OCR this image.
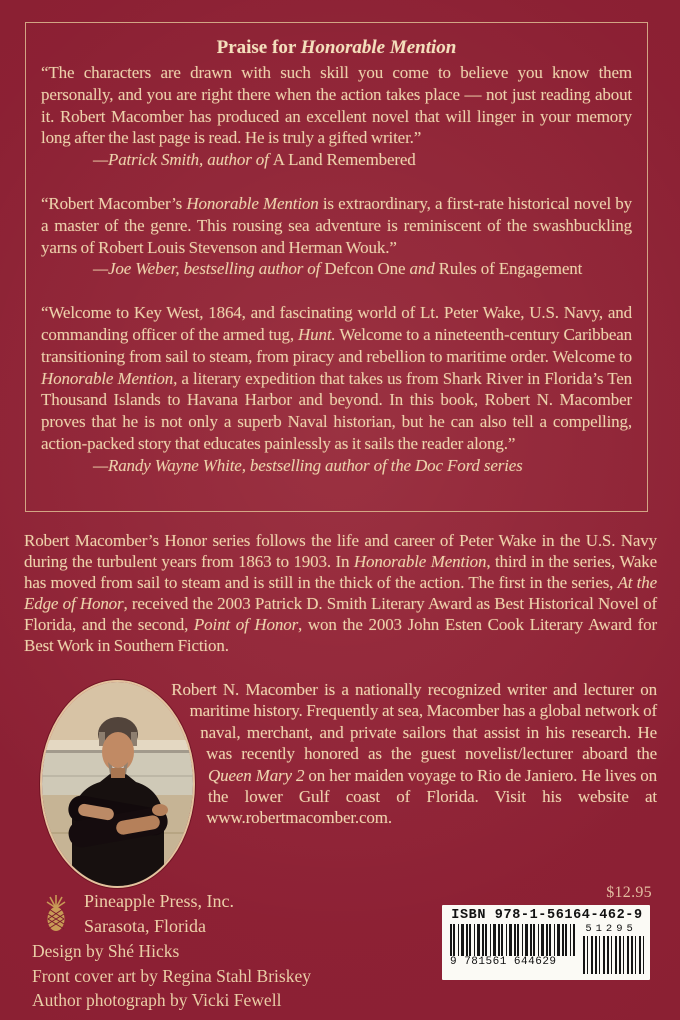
Praise for Honorable Mention

“The characters are drawn with such skill you come to believe you know them personally, and you are right there when the action takes place — not just reading about it. Robert Macomber has produced an excellent novel that will linger in your memory long after the last page is read. He is truly a gifted writer.”

—Patrick Smith, author of A Land Remembered

“Robert Macomber’s Honorable Mention is extraordinary, a first-rate historical novel by a master of the genre. This rousing sea adventure is reminiscent of the swashbuckling yarns of Robert Louis Stevenson and Herman Wouk.”

—Joe Weber, bestselling author of Defcon One and Rules of Engagement

“Welcome to Key West, 1864, and fascinating world of Lt. Peter Wake, U.S. Navy, and commanding officer of the armed tug, Hunt. Welcome to a nineteenth-century Caribbean transitioning from sail to steam, from piracy and rebellion to maritime order. Welcome to Honorable Mention, a literary expedition that takes us from Shark River in Florida’s Ten Thousand Islands to Havana Harbor and beyond. In this book, Robert N. Macomber proves that he is not only a superb Naval historian, but he can also tell a compelling, action-packed story that educates painlessly as it sails the reader along.”

—Randy Wayne White, bestselling author of the Doc Ford series

Robert Macomber’s Honor series follows the life and career of Peter Wake in the U.S. Navy during the turbulent years from 1863 to 1903. In Honorable Mention, third in the series, Wake has moved from sail to steam and is still in the thick of the action. The first in the series, At the Edge of Honor, received the 2003 Patrick D. Smith Literary Award as Best Historical Novel of Florida, and the second, Point of Honor, won the 2003 John Esten Cook Literary Award for Best Work in Southern Fiction.

Robert N. Macomber is a nationally recognized writer and lecturer on maritime history. Frequently at sea, Macomber has a global network of naval, merchant, and private sailors that assist in his research. He was recently honored as the guest novelist/lecturer aboard the Queen Mary 2 on her maiden voyage to Rio de Janiero. He lives on the lower Gulf coast of Florida. Visit his website at www.robertmacomber.com.

Pineapple Press, Inc.
Sarasota, Florida
Design by Shé Hicks
Front cover art by Regina Stahl Briskey
Author photograph by Vicki Fewell
$12.95
ISBN 978-1-56164-462-9
9 781561 644629
51295
